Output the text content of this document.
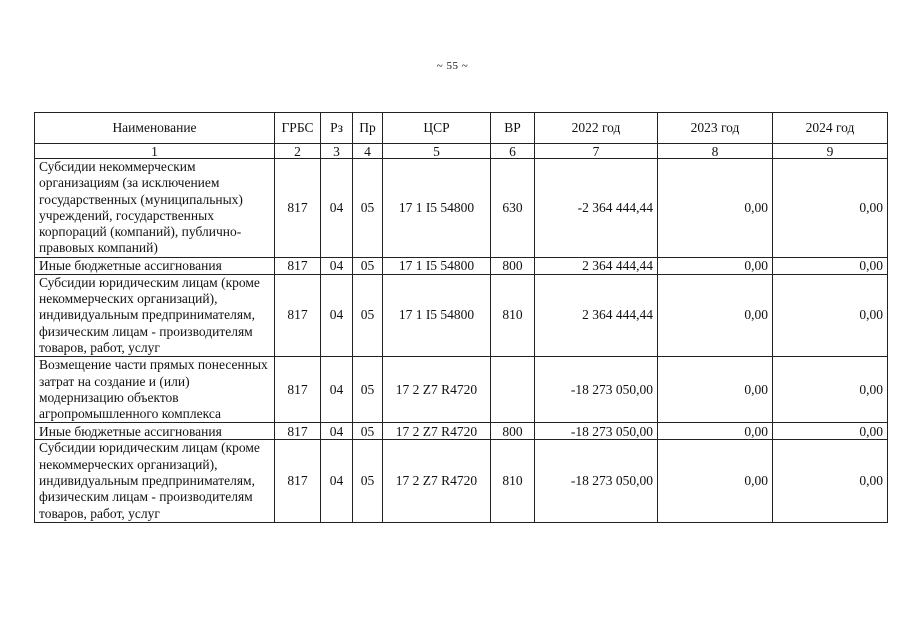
~ 55 ~
Наименование	ГРБС	Рз	Пр	ЦСР	ВР	2022 год	2023 год	2024 год
1	2	3	4	5	6	7	8	9
Субсидии некоммерческим организациям (за исключением государственных (муниципальных) учреждений, государственных корпораций (компаний), публично-правовых компаний)	817	04	05	17 1 I5 54800	630	-2 364 444,44	0,00	0,00
Иные бюджетные ассигнования	817	04	05	17 1 I5 54800	800	2 364 444,44	0,00	0,00
Субсидии юридическим лицам (кроме некоммерческих организаций), индивидуальным предпринимателям, физическим лицам - производителям товаров, работ, услуг	817	04	05	17 1 I5 54800	810	2 364 444,44	0,00	0,00
Возмещение части прямых понесенных затрат на создание и (или) модернизацию объектов агропромышленного комплекса	817	04	05	17 2 Z7 R4720		-18 273 050,00	0,00	0,00
Иные бюджетные ассигнования	817	04	05	17 2 Z7 R4720	800	-18 273 050,00	0,00	0,00
Субсидии юридическим лицам (кроме некоммерческих организаций), индивидуальным предпринимателям, физическим лицам - производителям товаров, работ, услуг	817	04	05	17 2 Z7 R4720	810	-18 273 050,00	0,00	0,00
